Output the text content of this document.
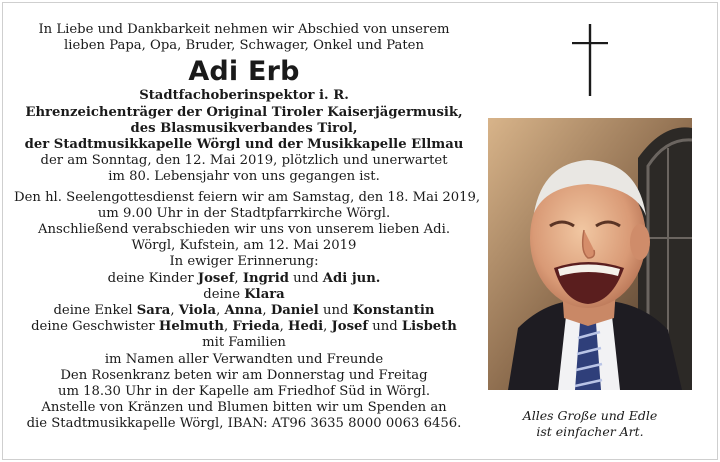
In Liebe und Dankbarkeit nehmen wir Abschied von unserem
lieben Papa, Opa, Bruder, Schwager, Onkel und Paten
Adi Erb
Stadtfachoberinspektor i. R.
Ehrenzeichenträger der Original Tiroler Kaiserjägermusik,
des Blasmusikverbandes Tirol,
der Stadtmusikkapelle Wörgl und der Musikkapelle Ellmau
der am Sonntag, den 12. Mai 2019, plötzlich und unerwartet
im 80. Lebensjahr von uns gegangen ist.
Den hl. Seelengottesdienst feiern wir am Samstag, den 18. Mai 2019,
um 9.00 Uhr in der Stadtpfarrkirche Wörgl.
Anschließend verabschieden wir uns von unserem lieben Adi.
Wörgl, Kufstein, am 12. Mai 2019
In ewiger Erinnerung:
deine Kinder Josef, Ingrid und Adi jun.
deine Klara
deine Enkel Sara, Viola, Anna, Daniel und Konstantin
deine Geschwister Helmuth, Frieda, Hedi, Josef und Lisbeth
mit Familien
im Namen aller Verwandten und Freunde
Den Rosenkranz beten wir am Donnerstag und Freitag
um 18.30 Uhr in der Kapelle am Friedhof Süd in Wörgl.
Anstelle von Kränzen und Blumen bitten wir um Spenden an
die Stadtmusikkapelle Wörgl, IBAN: AT96 3635 8000 0063 6456.
Alles Große und Edle
ist einfacher Art.
